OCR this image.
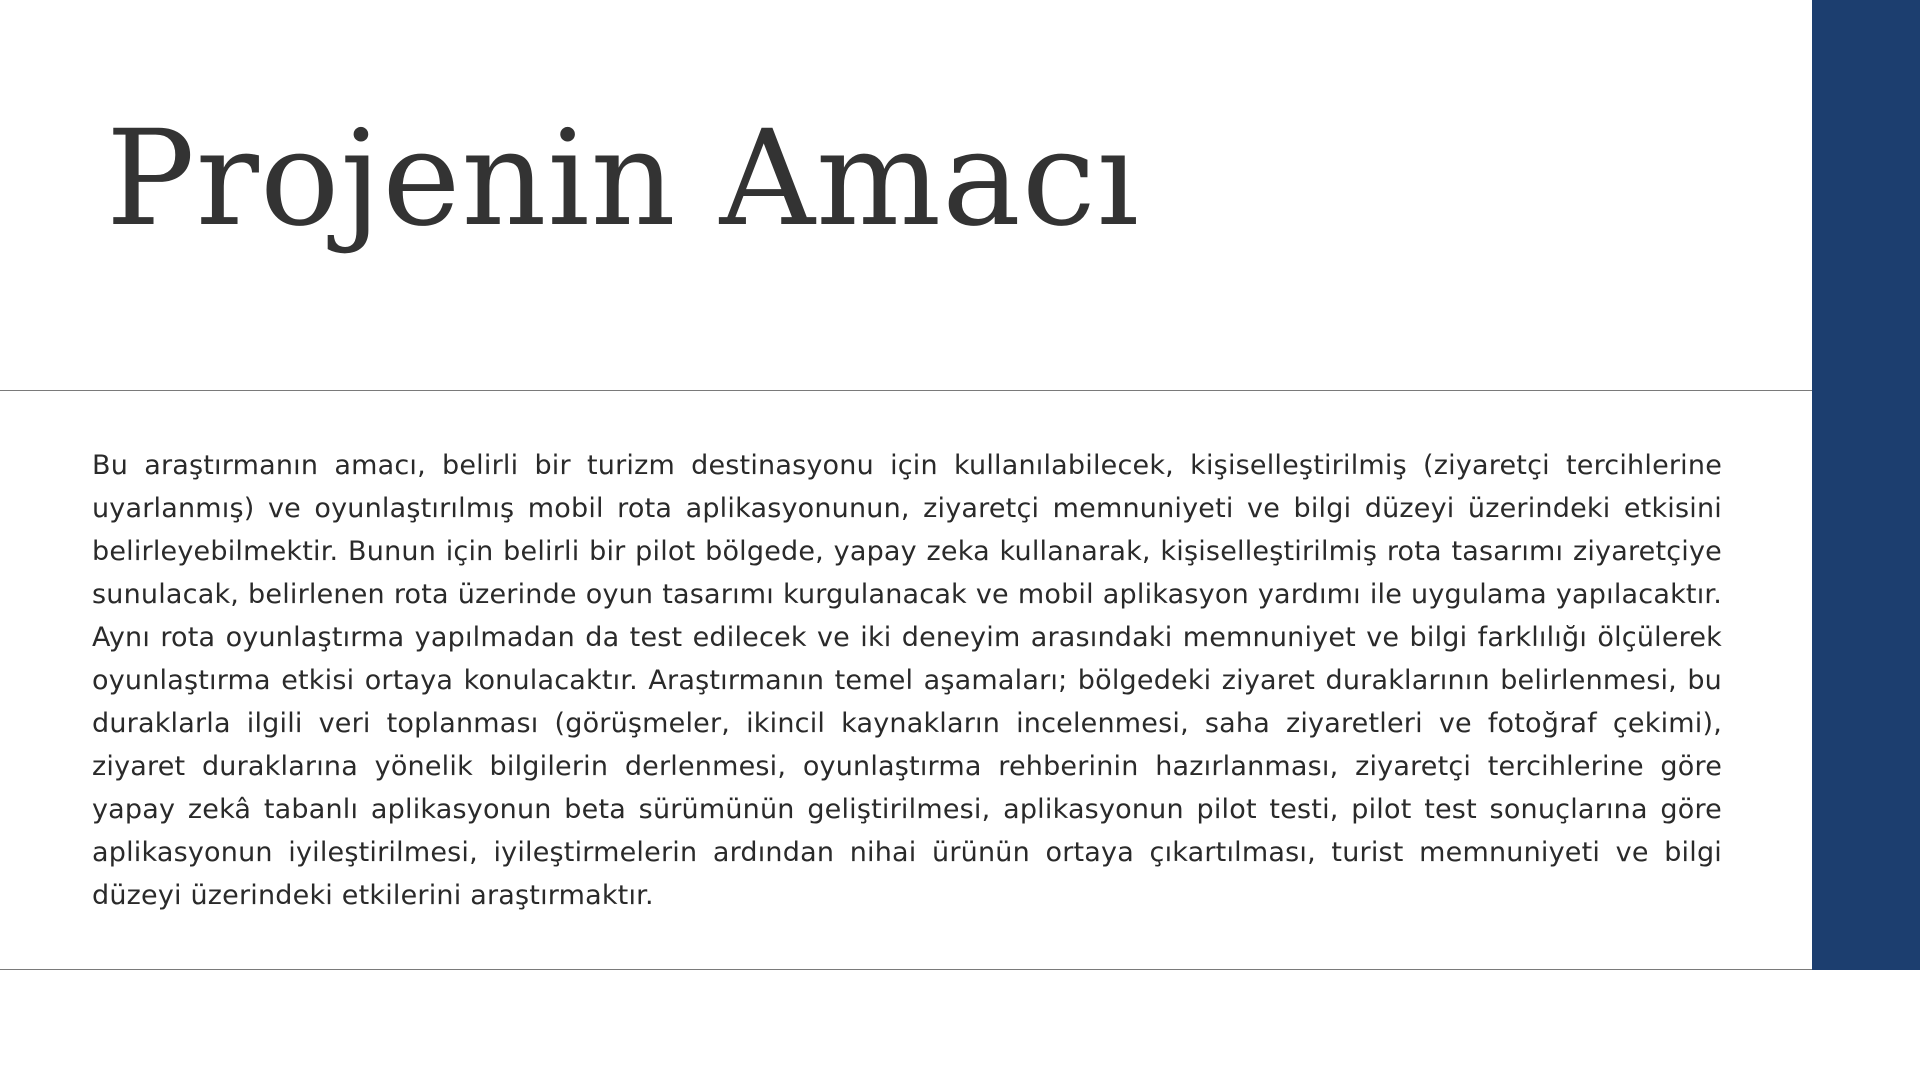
Projenin Amacı

Bu araştırmanın amacı, belirli bir turizm destinasyonu için kullanılabilecek, kişiselleştirilmiş (ziyaretçi tercihlerine uyarlanmış) ve oyunlaştırılmış mobil rota aplikasyonunun, ziyaretçi memnuniyeti ve bilgi düzeyi üzerindeki etkisini belirleyebilmektir. Bunun için belirli bir pilot bölgede, yapay zeka kullanarak, kişiselleştirilmiş rota tasarımı ziyaretçiye sunulacak, belirlenen rota üzerinde oyun tasarımı kurgulanacak ve mobil aplikasyon yardımı ile uygulama yapılacaktır. Aynı rota oyunlaştırma yapılmadan da test edilecek ve iki deneyim arasındaki memnuniyet ve bilgi farklılığı ölçülerek oyunlaştırma etkisi ortaya konulacaktır. Araştırmanın temel aşamaları; bölgedeki ziyaret duraklarının belirlenmesi, bu duraklarla ilgili veri toplanması (görüşmeler, ikincil kaynakların incelenmesi, saha ziyaretleri ve fotoğraf çekimi), ziyaret duraklarına yönelik bilgilerin derlenmesi, oyunlaştırma rehberinin hazırlanması, ziyaretçi tercihlerine göre yapay zekâ tabanlı aplikasyonun beta sürümünün geliştirilmesi, aplikasyonun pilot testi, pilot test sonuçlarına göre aplikasyonun iyileştirilmesi, iyileştirmelerin ardından nihai ürünün ortaya çıkartılması, turist memnuniyeti ve bilgi düzeyi üzerindeki etkilerini araştırmaktır.
